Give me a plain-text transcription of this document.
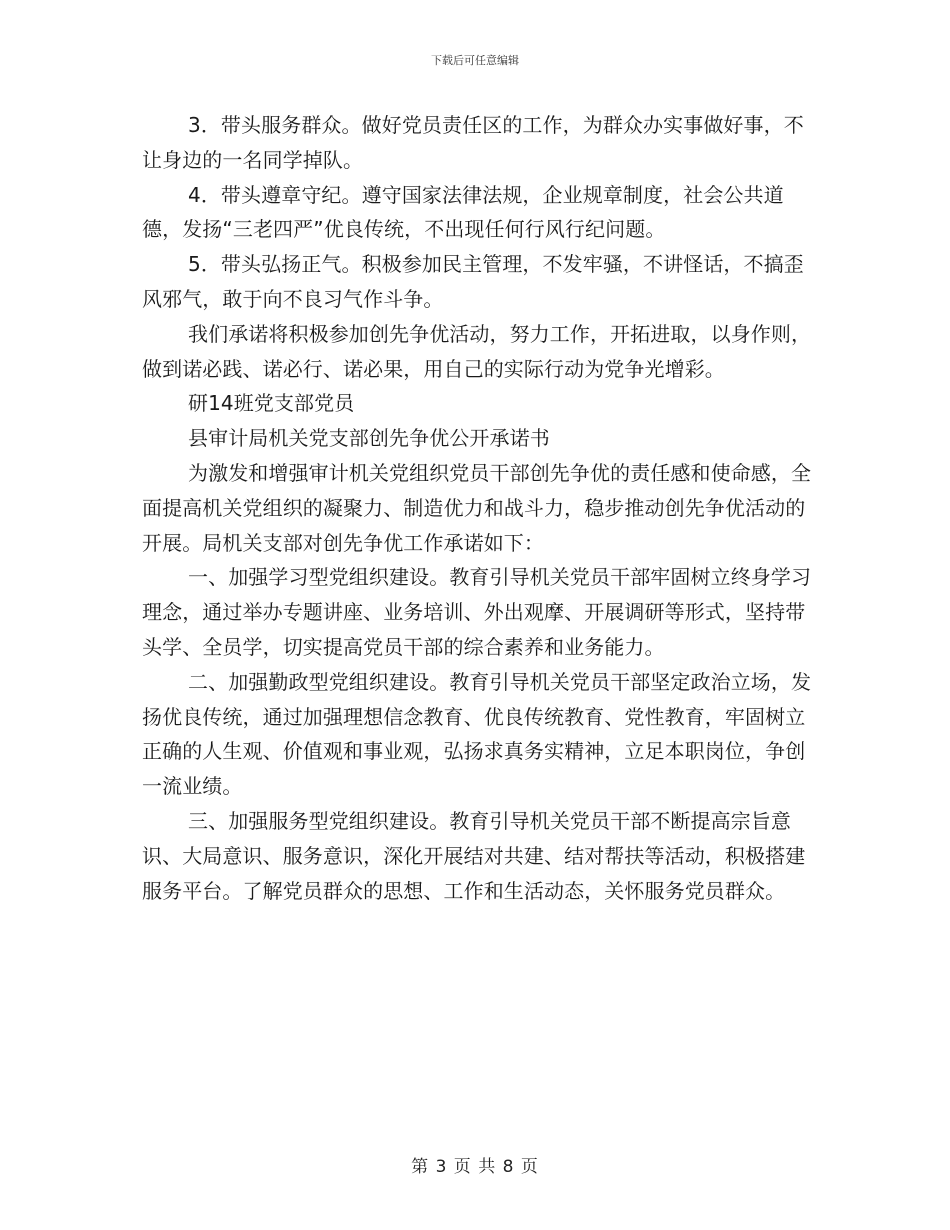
下载后可任意编辑

3．带头服务群众。做好党员责任区的工作，为群众办实事做好事，不让身边的一名同学掉队。

4．带头遵章守纪。遵守国家法律法规，企业规章制度，社会公共道德，发扬“三老四严”优良传统，不出现任何行风行纪问题。

5．带头弘扬正气。积极参加民主管理，不发牢骚，不讲怪话，不搞歪风邪气，敢于向不良习气作斗争。

我们承诺将积极参加创先争优活动，努力工作，开拓进取，以身作则，做到诺必践、诺必行、诺必果，用自己的实际行动为党争光增彩。

研14班党支部党员

县审计局机关党支部创先争优公开承诺书

为激发和增强审计机关党组织党员干部创先争优的责任感和使命感，全面提高机关党组织的凝聚力、制造优力和战斗力，稳步推动创先争优活动的开展。局机关支部对创先争优工作承诺如下：

一、加强学习型党组织建设。教育引导机关党员干部牢固树立终身学习理念，通过举办专题讲座、业务培训、外出观摩、开展调研等形式，坚持带头学、全员学，切实提高党员干部的综合素养和业务能力。

二、加强勤政型党组织建设。教育引导机关党员干部坚定政治立场，发扬优良传统，通过加强理想信念教育、优良传统教育、党性教育，牢固树立正确的人生观、价值观和事业观，弘扬求真务实精神，立足本职岗位，争创一流业绩。

三、加强服务型党组织建设。教育引导机关党员干部不断提高宗旨意识、大局意识、服务意识，深化开展结对共建、结对帮扶等活动，积极搭建服务平台。了解党员群众的思想、工作和生活动态，关怀服务党员群众。

第 3 页 共 8 页
